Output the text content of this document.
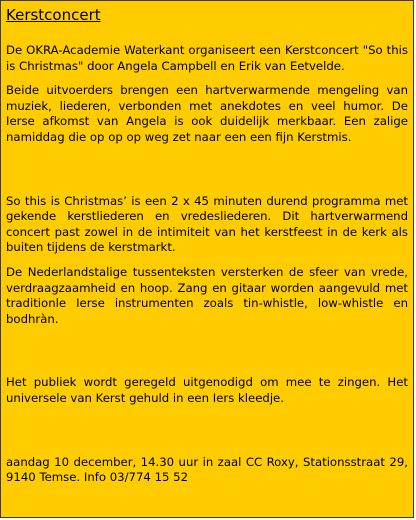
Kerstconcert

De OKRA-Academie Waterkant organiseert een Kerstconcert "So this is Christmas" door Angela Campbell en Erik van Eetvelde.

Beide uitvoerders brengen een hartverwarmende mengeling van muziek, liederen, verbonden met anekdotes en veel humor. De Ierse afkomst van Angela is ook duidelijk merkbaar. Een zalige namiddag die op op op weg zet naar een een fijn Kerstmis.

So this is Christmas’ is een 2 x 45 minuten durend programma met gekende kerstliederen en vredesliederen. Dit hartverwarmend concert past zowel in de intimiteit van het kerstfeest in de kerk als buiten tijdens de kerstmarkt.

De Nederlandstalige tussenteksten versterken de sfeer van vrede, verdraagzaamheid en hoop. Zang en gitaar worden aangevuld met traditionle Ierse instrumenten zoals tin-whistle, low-whistle en bodhràn.

Het publiek wordt geregeld uitgenodigd om mee te zingen. Het universele van Kerst gehuld in een Iers kleedje.

aandag 10 december, 14.30 uur in zaal CC Roxy, Stationsstraat 29, 9140 Temse. Info 03/774 15 52
